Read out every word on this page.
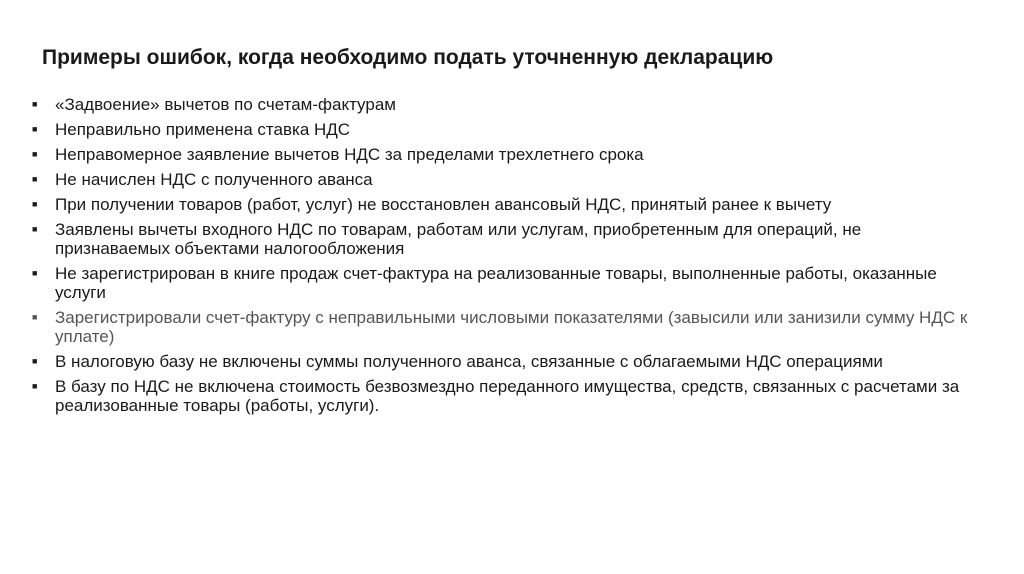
Примеры ошибок, когда необходимо подать уточненную декларацию
■	«Задвоение» вычетов по счетам-фактурам
■	Неправильно применена ставка НДС
■	Неправомерное заявление вычетов НДС за пределами трехлетнего срока
■	Не начислен НДС с полученного аванса
■	При получении товаров (работ, услуг) не восстановлен авансовый НДС, принятый ранее к вычету
■	Заявлены вычеты входного НДС по товарам, работам или услугам, приобретенным для операций, не признаваемых объектами налогообложения
■	Не зарегистрирован в книге продаж счет-фактура на реализованные товары, выполненные работы, оказанные услуги
■	Зарегистрировали счет-фактуру с неправильными числовыми показателями (завысили или занизили сумму НДС к уплате)
■	В налоговую базу не включены суммы полученного аванса, связанные с облагаемыми НДС операциями
■	В базу по НДС не включена стоимость безвозмездно переданного имущества, средств, связанных с расчетами за реализованные товары (работы, услуги).
